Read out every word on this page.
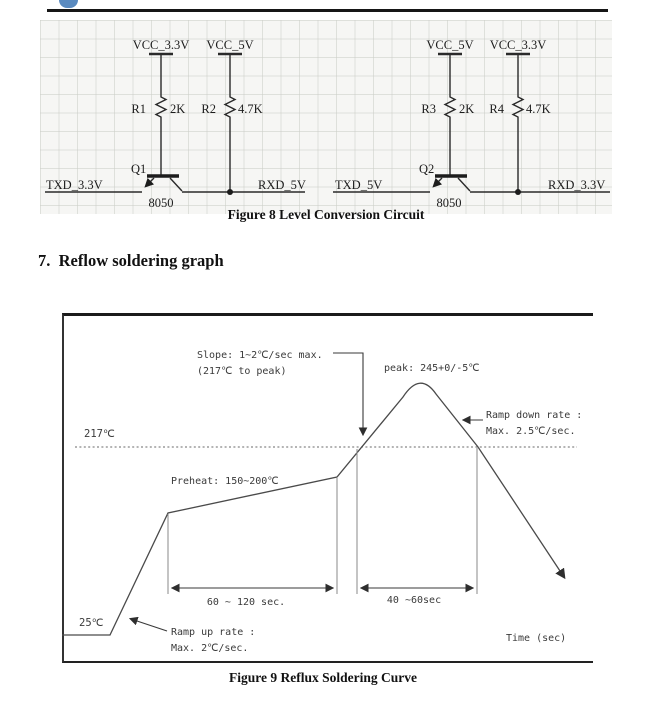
VCC_3.3V
R1 2K
VCC_5V
R2 4.7K
Q1
8050
TXD_3.3V	RXD_5V
VCC_5V
R3 2K
VCC_3.3V
R4 4.7K
Q2
8050
TXD_5V	RXD_3.3V
Figure 8 Level Conversion Circuit
7.  Reflow soldering graph
Slope: 1~2℃/sec max.
(217℃ to peak)	peak: 245+0/-5℃
Ramp down rate :
Max. 2.5℃/sec.
217℃
Preheat: 150~200℃
60 ~ 120 sec.	40 ~60sec
25℃
Ramp up rate :
Max. 2℃/sec.
Time (sec)
Figure 9 Reflux Soldering Curve
